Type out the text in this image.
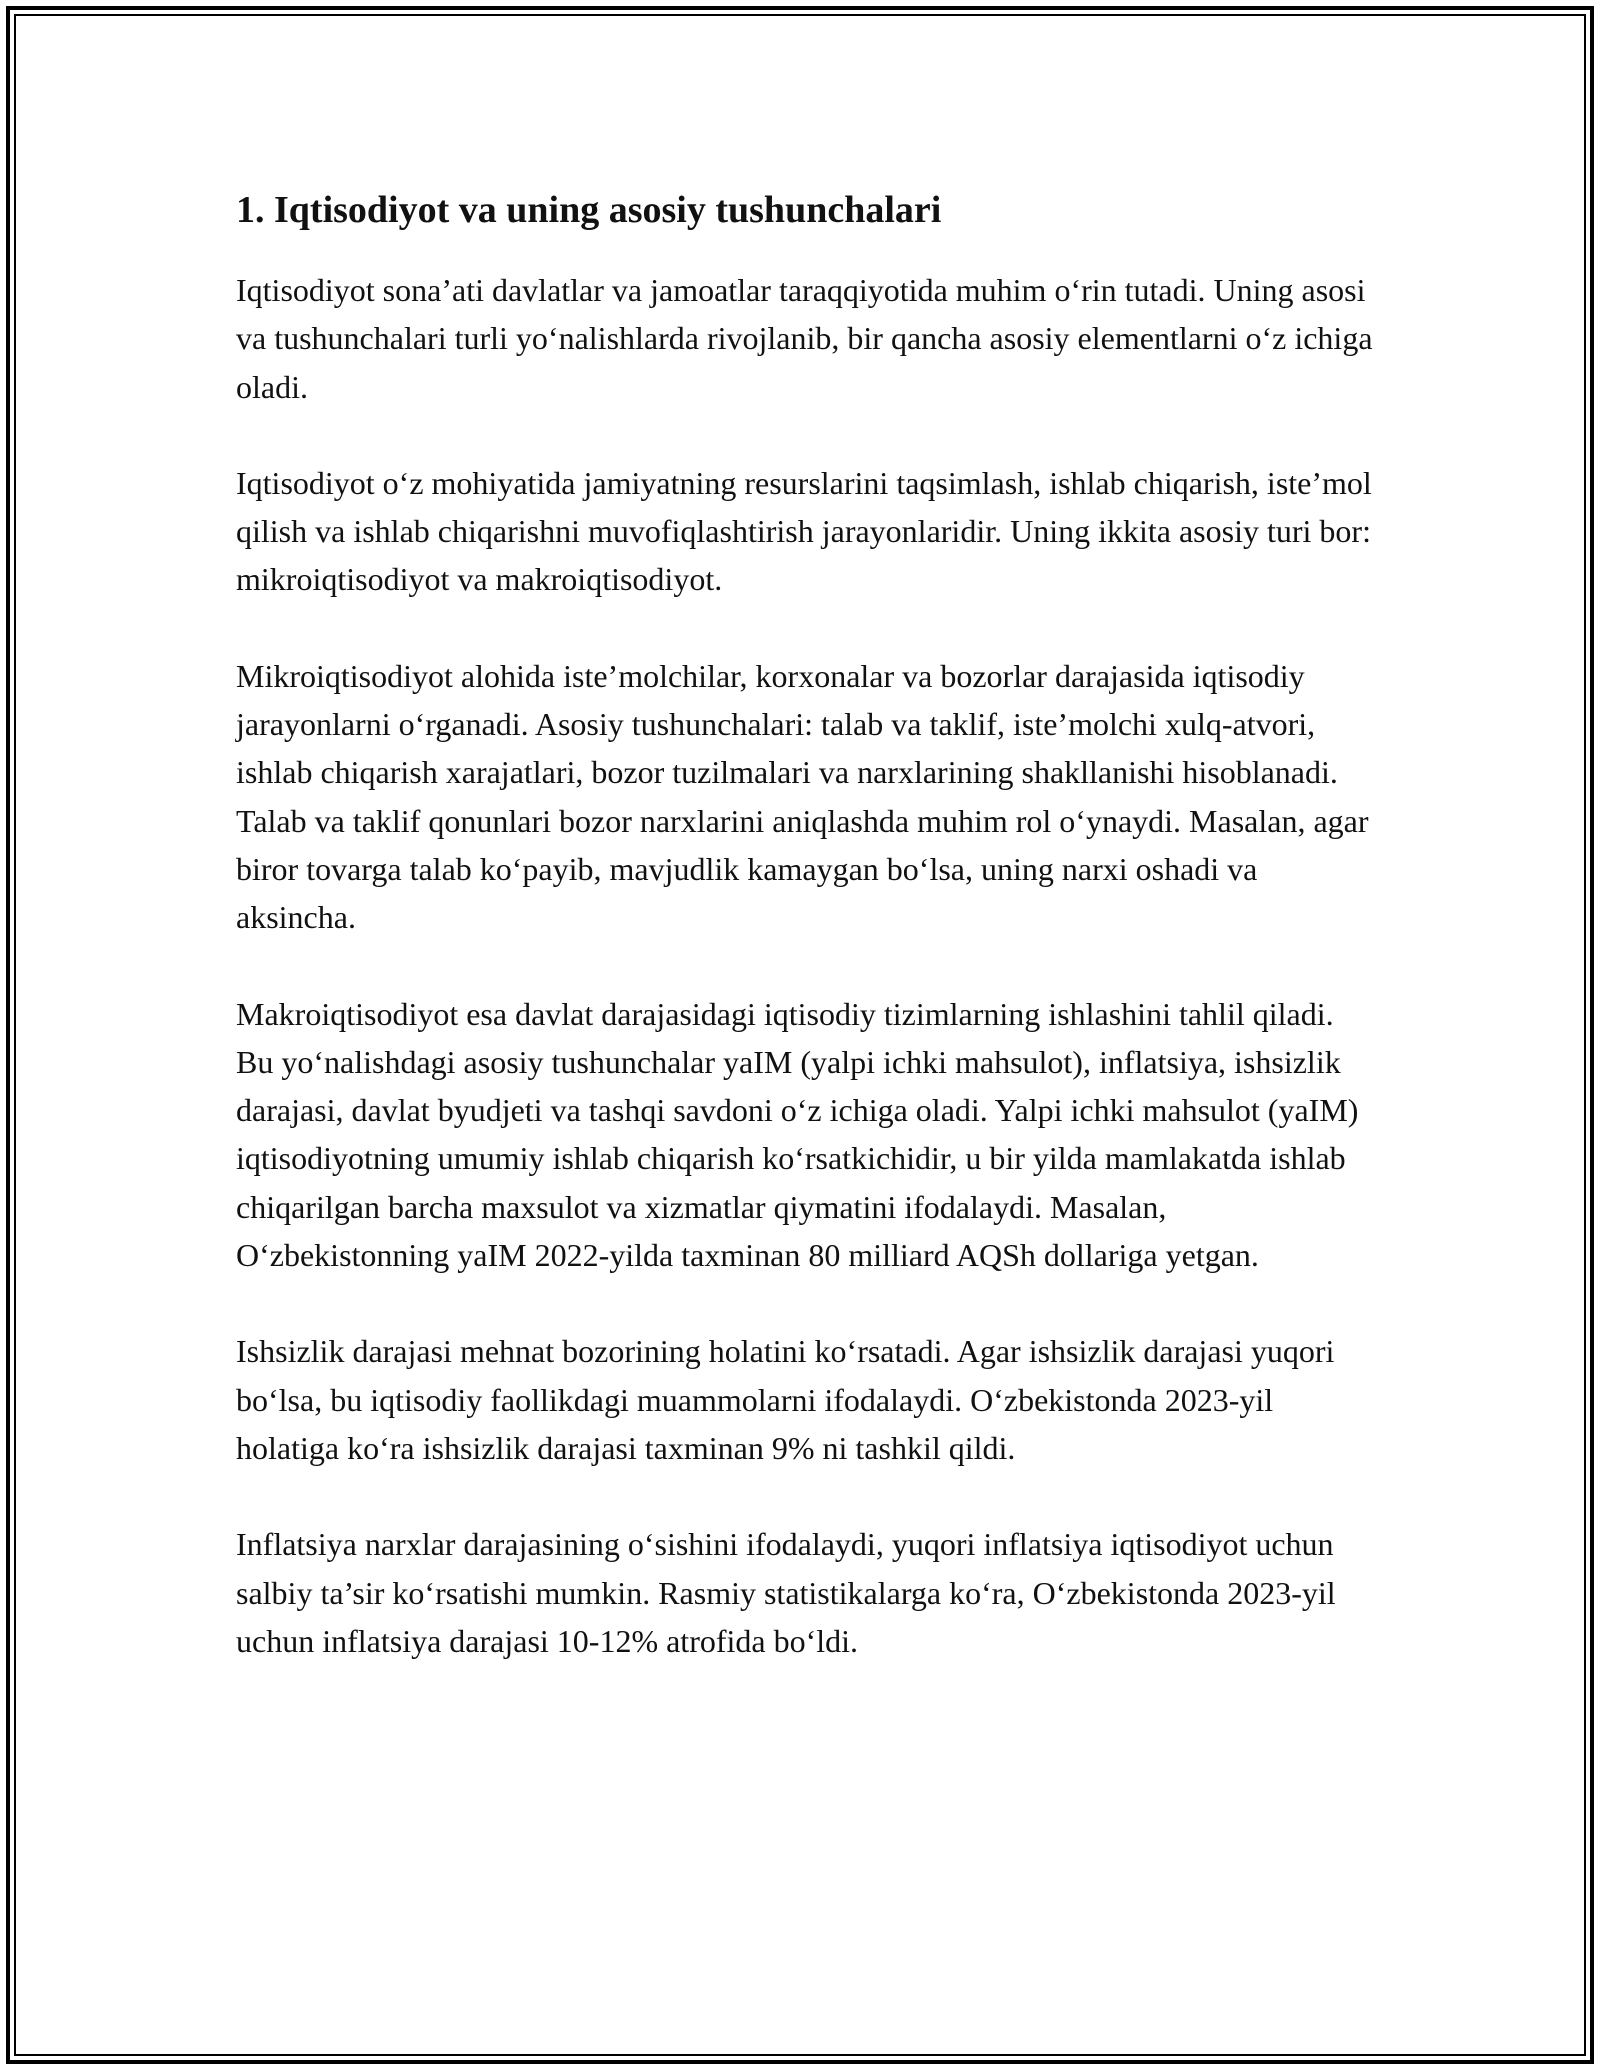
1. Iqtisodiyot va uning asosiy tushunchalari

Iqtisodiyot sona’ati davlatlar va jamoatlar taraqqiyotida muhim o‘rin tutadi. Uning asosi va tushunchalari turli yo‘nalishlarda rivojlanib, bir qancha asosiy elementlarni o‘z ichiga oladi.

Iqtisodiyot o‘z mohiyatida jamiyatning resurslarini taqsimlash, ishlab chiqarish, iste’mol qilish va ishlab chiqarishni muvofiqlashtirish jarayonlaridir. Uning ikkita asosiy turi bor: mikroiqtisodiyot va makroiqtisodiyot.

Mikroiqtisodiyot alohida iste’molchilar, korxonalar va bozorlar darajasida iqtisodiy jarayonlarni o‘rganadi. Asosiy tushunchalari: talab va taklif, iste’molchi xulq-atvori, ishlab chiqarish xarajatlari, bozor tuzilmalari va narxlarining shakllanishi hisoblanadi. Talab va taklif qonunlari bozor narxlarini aniqlashda muhim rol o‘ynaydi. Masalan, agar biror tovarga talab ko‘payib, mavjudlik kamaygan bo‘lsa, uning narxi oshadi va aksincha.

Makroiqtisodiyot esa davlat darajasidagi iqtisodiy tizimlarning ishlashini tahlil qiladi. Bu yo‘nalishdagi asosiy tushunchalar yaIM (yalpi ichki mahsulot), inflatsiya, ishsizlik darajasi, davlat byudjeti va tashqi savdoni o‘z ichiga oladi. Yalpi ichki mahsulot (yaIM) iqtisodiyotning umumiy ishlab chiqarish ko‘rsatkichidir, u bir yilda mamlakatda ishlab chiqarilgan barcha maxsulot va xizmatlar qiymatini ifodalaydi. Masalan, O‘zbekistonning yaIM 2022-yilda taxminan 80 milliard AQSh dollariga yetgan.

Ishsizlik darajasi mehnat bozorining holatini ko‘rsatadi. Agar ishsizlik darajasi yuqori bo‘lsa, bu iqtisodiy faollikdagi muammolarni ifodalaydi. O‘zbekistonda 2023-yil holatiga ko‘ra ishsizlik darajasi taxminan 9% ni tashkil qildi.

Inflatsiya narxlar darajasining o‘sishini ifodalaydi, yuqori inflatsiya iqtisodiyot uchun salbiy ta’sir ko‘rsatishi mumkin. Rasmiy statistikalarga ko‘ra, O‘zbekistonda 2023-yil uchun inflatsiya darajasi 10-12% atrofida bo‘ldi.
